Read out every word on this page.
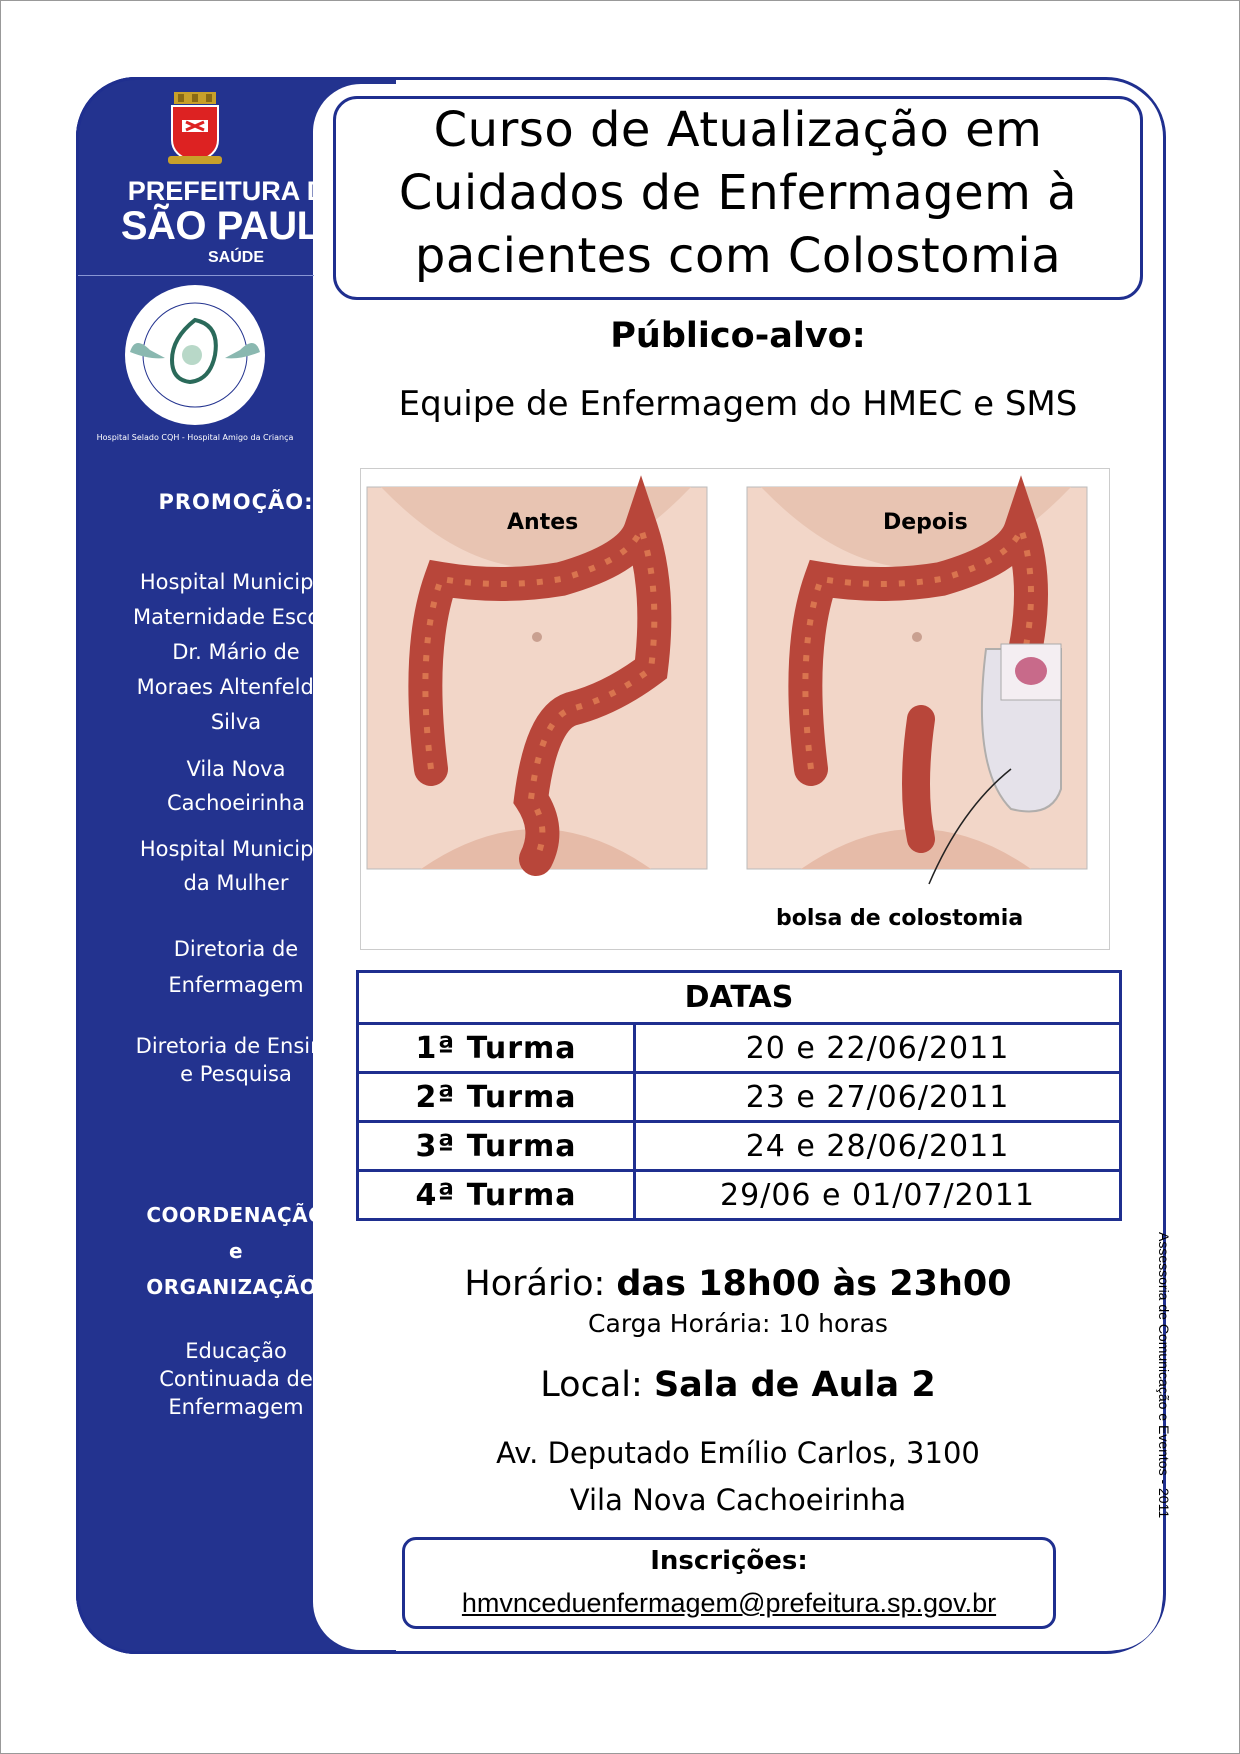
PREFEITURA DE
SÃO PAULO
SAÚDE
Hospital Selado CQH - Hospital Amigo da Criança
PROMOÇÃO:
Hospital Municipal
Maternidade Escola
Dr. Mário de
Moraes Altenfelder
Silva
Vila Nova
Cachoeirinha
Hospital Municipal
da Mulher
Diretoria de
Enfermagem
Diretoria de Ensino
e Pesquisa
COORDENAÇÃO
e
ORGANIZAÇÃO:
Educação
Continuada de
Enfermagem
Curso de Atualização em
Cuidados de Enfermagem à
pacientes com Colostomia
Público-alvo:
Equipe de Enfermagem do HMEC e SMS
Antes	Depois
bolsa de colostomia
DATAS	
1ª Turma	20 e 22/06/2011
2ª Turma	23 e 27/06/2011
3ª Turma	24 e 28/06/2011
4ª Turma	29/06 e 01/07/2011
Horário: das 18h00 às 23h00
Carga Horária: 10 horas
Local: Sala de Aula 2
Av. Deputado Emílio Carlos, 3100
Vila Nova Cachoeirinha
Inscrições:
hmvnceduenfermagem@prefeitura.sp.gov.br
Assessoria de Comunicação e Eventos - 2011
